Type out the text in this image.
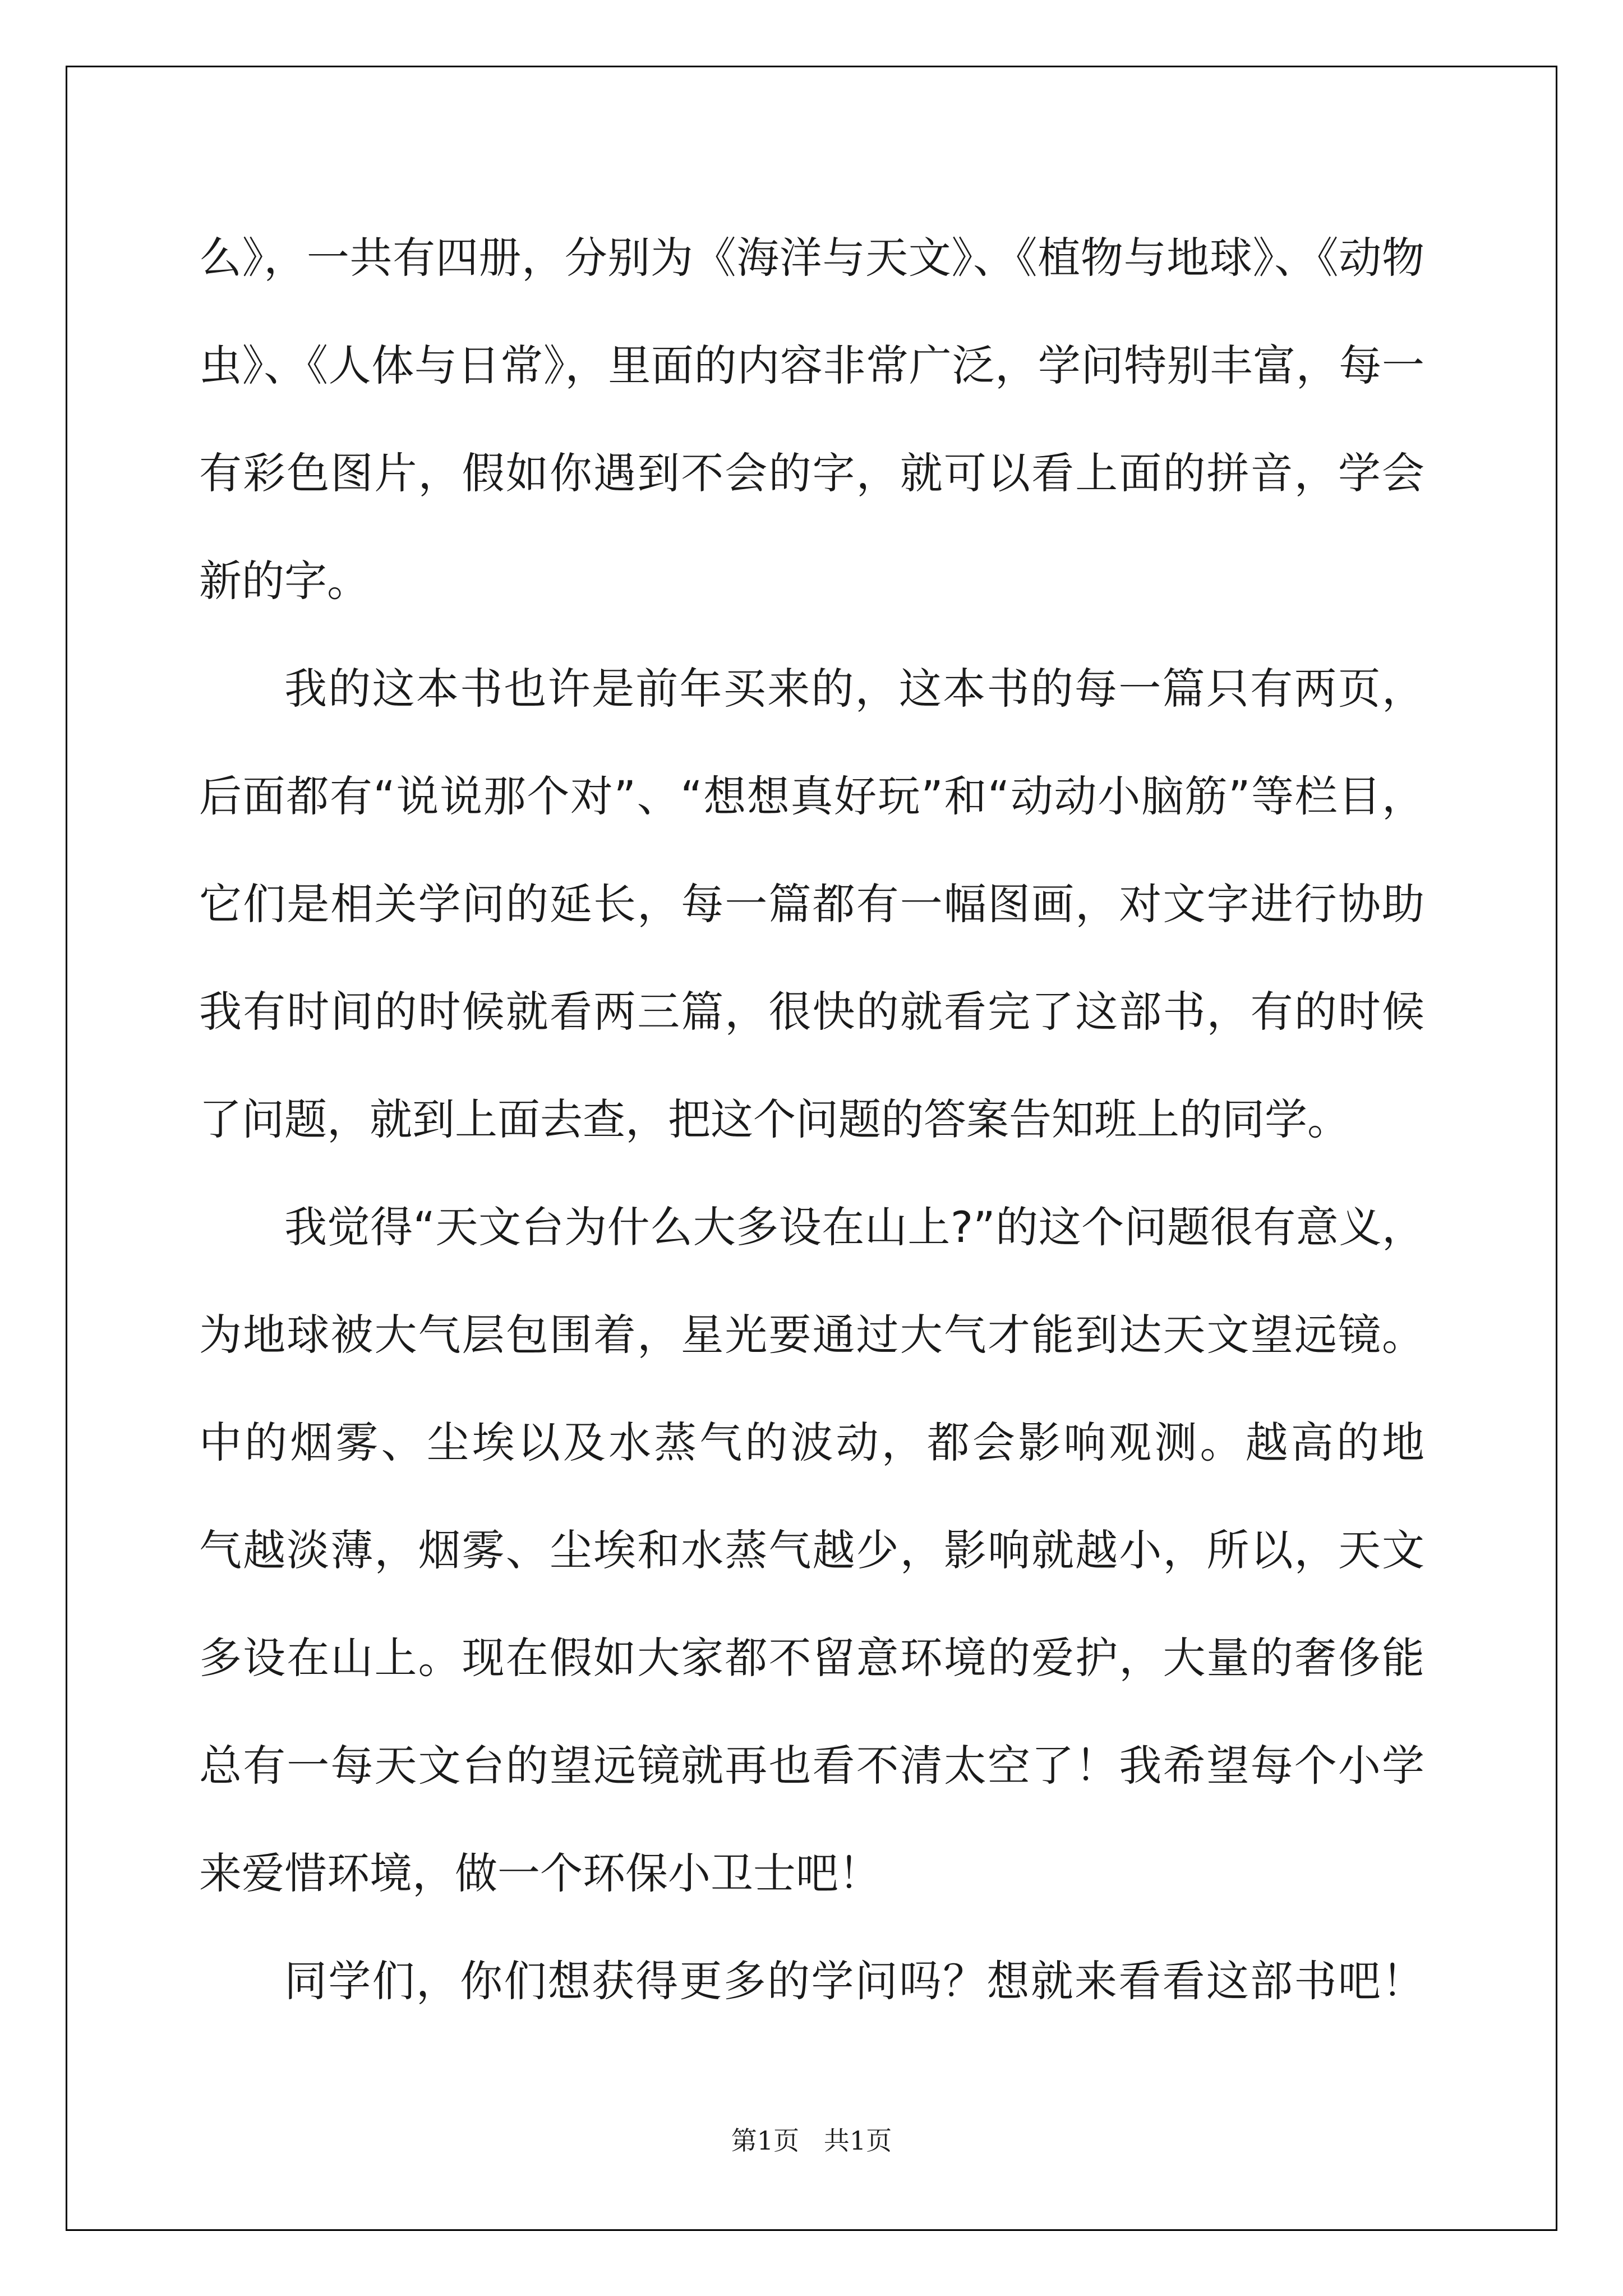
么》，一共有四册，分别为《海洋与天文》、《植物与地球》、《动物
虫》、《人体与日常》，里面的内容非常广泛，学问特别丰富，每一
有彩色图片，假如你遇到不会的字，就可以看上面的拼音，学会
新的字。
我的这本书也许是前年买来的，这本书的每一篇只有两页，
后面都有“说说那个对”、“想想真好玩”和“动动小脑筋”等栏目，
它们是相关学问的延长，每一篇都有一幅图画，对文字进行协助
我有时间的时候就看两三篇，很快的就看完了这部书，有的时候
了问题，就到上面去查，把这个问题的答案告知班上的同学。
我觉得“天文台为什么大多设在山上?”的这个问题很有意义，
为地球被大气层包围着，星光要通过大气才能到达天文望远镜。
中的烟雾、尘埃以及水蒸气的波动，都会影响观测。越高的地
气越淡薄，烟雾、尘埃和水蒸气越少，影响就越小，所以，天文
多设在山上。现在假如大家都不留意环境的爱护，大量的奢侈能
总有一每天文台的望远镜就再也看不清太空了！我希望每个小学
来爱惜环境，做一个环保小卫士吧！
同学们，你们想获得更多的学问吗？想就来看看这部书吧！
第1页   共1页
